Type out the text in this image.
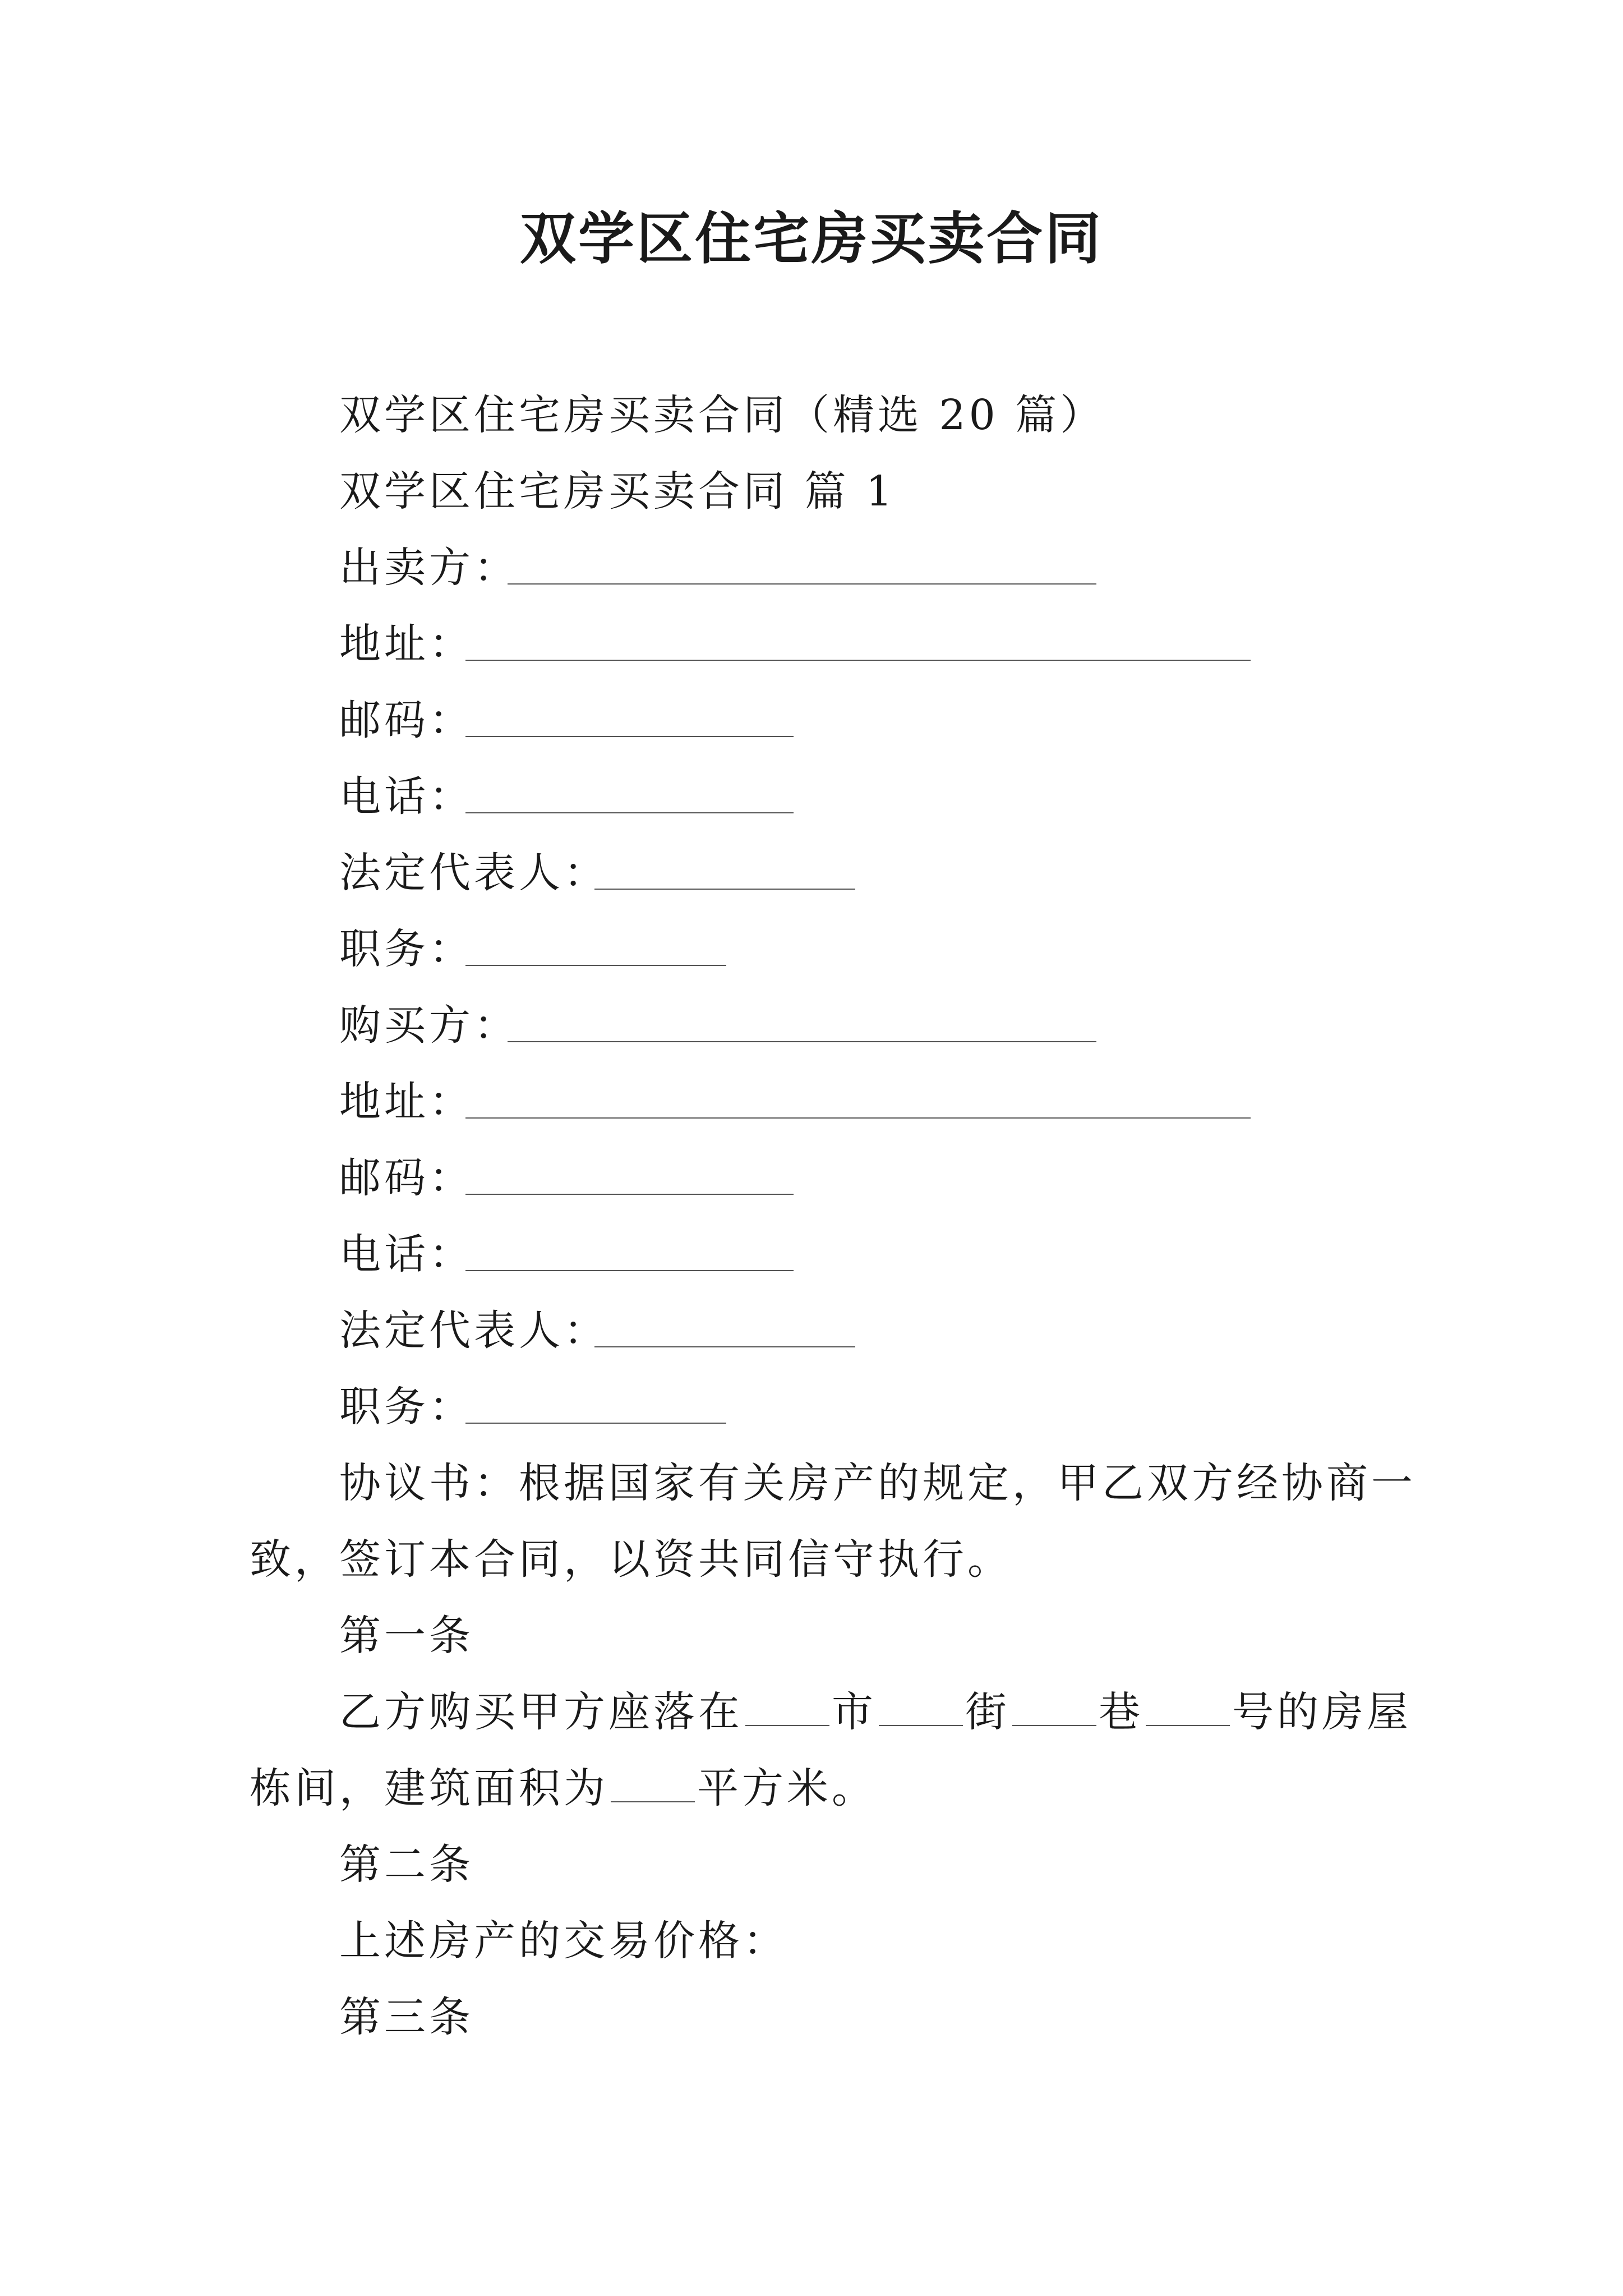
双学区住宅房买卖合同
双学区住宅房买卖合同（精选 20 篇）
双学区住宅房买卖合同 篇 1
出卖方：
地址：
邮码：
电话：
法定代表人：
职务：
购买方：
地址：
邮码：
电话：
法定代表人：
职务：
协议书：根据国家有关房产的规定，甲乙双方经协商一
致，签订本合同，以资共同信守执行。
第一条
乙方购买甲方座落在 市 街 巷 号的房屋
栋间，建筑面积为 平方米。
第二条
上述房产的交易价格：
第三条
